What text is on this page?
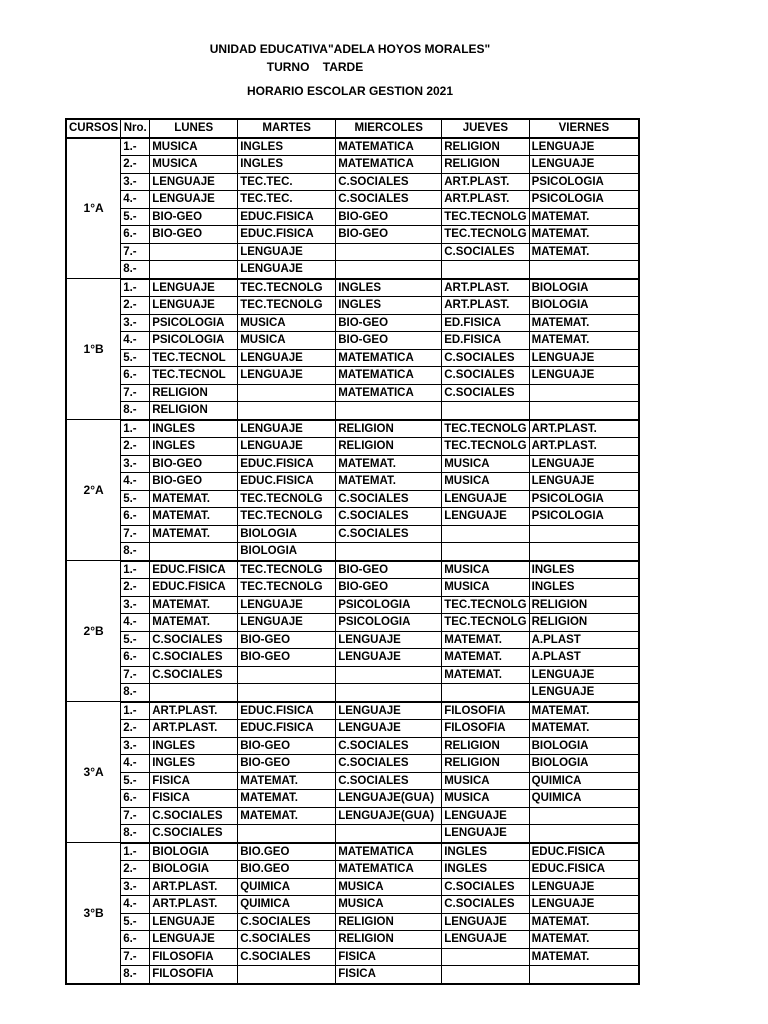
UNIDAD EDUCATIVA"ADELA HOYOS MORALES"
TURNO    TARDE
HORARIO ESCOLAR GESTION 2021
CURSOS	Nro.	LUNES	MARTES	MIERCOLES	JUEVES	VIERNES
1°A	1.-	MUSICA	INGLES	MATEMATICA	RELIGION	LENGUAJE
	2.-	MUSICA	INGLES	MATEMATICA	RELIGION	LENGUAJE
	3.-	LENGUAJE	TEC.TEC.	C.SOCIALES	ART.PLAST.	PSICOLOGIA
	4.-	LENGUAJE	TEC.TEC.	C.SOCIALES	ART.PLAST.	PSICOLOGIA
	5.-	BIO-GEO	EDUC.FISICA	BIO-GEO	TEC.TECNOLG	MATEMAT.
	6.-	BIO-GEO	EDUC.FISICA	BIO-GEO	TEC.TECNOLG	MATEMAT.
	7.-		LENGUAJE		C.SOCIALES	MATEMAT.
	8.-		LENGUAJE			
1°B	1.-	LENGUAJE	TEC.TECNOLG	INGLES	ART.PLAST.	BIOLOGIA
	2.-	LENGUAJE	TEC.TECNOLG	INGLES	ART.PLAST.	BIOLOGIA
	3.-	PSICOLOGIA	MUSICA	BIO-GEO	ED.FISICA	MATEMAT.
	4.-	PSICOLOGIA	MUSICA	BIO-GEO	ED.FISICA	MATEMAT.
	5.-	TEC.TECNOL	LENGUAJE	MATEMATICA	C.SOCIALES	LENGUAJE
	6.-	TEC.TECNOL	LENGUAJE	MATEMATICA	C.SOCIALES	LENGUAJE
	7.-	RELIGION		MATEMATICA	C.SOCIALES	
	8.-	RELIGION				
2°A	1.-	INGLES	LENGUAJE	RELIGION	TEC.TECNOLG	ART.PLAST.
	2.-	INGLES	LENGUAJE	RELIGION	TEC.TECNOLG	ART.PLAST.
	3.-	BIO-GEO	EDUC.FISICA	MATEMAT.	MUSICA	LENGUAJE
	4.-	BIO-GEO	EDUC.FISICA	MATEMAT.	MUSICA	LENGUAJE
	5.-	MATEMAT.	TEC.TECNOLG	C.SOCIALES	LENGUAJE	PSICOLOGIA
	6.-	MATEMAT.	TEC.TECNOLG	C.SOCIALES	LENGUAJE	PSICOLOGIA
	7.-	MATEMAT.	BIOLOGIA	C.SOCIALES		
	8.-		BIOLOGIA			
2°B	1.-	EDUC.FISICA	TEC.TECNOLG	BIO-GEO	MUSICA	INGLES
	2.-	EDUC.FISICA	TEC.TECNOLG	BIO-GEO	MUSICA	INGLES
	3.-	MATEMAT.	LENGUAJE	PSICOLOGIA	TEC.TECNOLG	RELIGION
	4.-	MATEMAT.	LENGUAJE	PSICOLOGIA	TEC.TECNOLG	RELIGION
	5.-	C.SOCIALES	BIO-GEO	LENGUAJE	MATEMAT.	A.PLAST
	6.-	C.SOCIALES	BIO-GEO	LENGUAJE	MATEMAT.	A.PLAST
	7.-	C.SOCIALES			MATEMAT.	LENGUAJE
	8.-					LENGUAJE
3°A	1.-	ART.PLAST.	EDUC.FISICA	LENGUAJE	FILOSOFIA	MATEMAT.
	2.-	ART.PLAST.	EDUC.FISICA	LENGUAJE	FILOSOFIA	MATEMAT.
	3.-	INGLES	BIO-GEO	C.SOCIALES	RELIGION	BIOLOGIA
	4.-	INGLES	BIO-GEO	C.SOCIALES	RELIGION	BIOLOGIA
	5.-	FISICA	MATEMAT.	C.SOCIALES	MUSICA	QUIMICA
	6.-	FISICA	MATEMAT.	LENGUAJE(GUA)	MUSICA	QUIMICA
	7.-	C.SOCIALES	MATEMAT.	LENGUAJE(GUA)	LENGUAJE	
	8.-	C.SOCIALES			LENGUAJE	
3°B	1.-	BIOLOGIA	BIO.GEO	MATEMATICA	INGLES	EDUC.FISICA
	2.-	BIOLOGIA	BIO.GEO	MATEMATICA	INGLES	EDUC.FISICA
	3.-	ART.PLAST.	QUIMICA	MUSICA	C.SOCIALES	LENGUAJE
	4.-	ART.PLAST.	QUIMICA	MUSICA	C.SOCIALES	LENGUAJE
	5.-	LENGUAJE	C.SOCIALES	RELIGION	LENGUAJE	MATEMAT.
	6.-	LENGUAJE	C.SOCIALES	RELIGION	LENGUAJE	MATEMAT.
	7.-	FILOSOFIA	C.SOCIALES	FISICA		MATEMAT.
	8.-	FILOSOFIA		FISICA		
